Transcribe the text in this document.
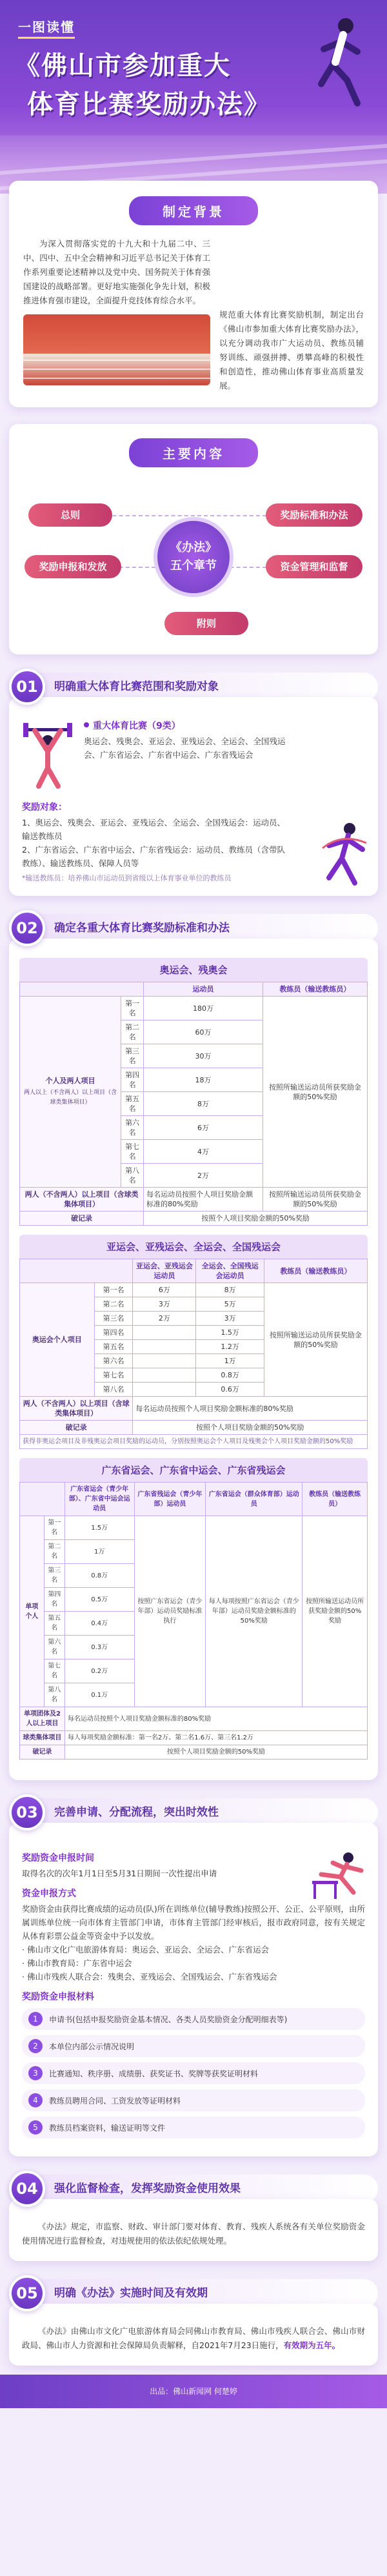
一图读懂
《佛山市参加重大
体育比赛奖励办法》
制定背景

为深入贯彻落实党的十九大和十九届二中、三中、四中、五中全会精神和习近平总书记关于体育工作系列重要论述精神以及党中央、国务院关于体育强国建设的战略部署。更好地实施强化争先计划，积极推进体育强市建设，全面提升竞技体育综合水平。

规范重大体育比赛奖励机制，制定出台《佛山市参加重大体育比赛奖励办法》，以充分调动我市广大运动员、教练员辅努训练、顽强拼搏、勇攀高峰的积极性和创造性，推动佛山体育事业高质量发展。

主要内容
《办法》
五个章节
总则	奖励标准和办法
奖励申报和发放	资金管理和监督
附则
01	明确重大体育比赛范围和奖励对象
重大体育比赛（9类）

奥运会、残奥会、亚运会、亚残运会、全运会、全国残运会、广东省运会、广东省中运会、广东省残运会

奖励对象：

1、奥运会、残奥会、亚运会、亚残运会、全运会、全国残运会：运动员、输送教练员

2、广东省运会、广东省中运会、广东省残运会：运动员、教练员（含带队教练）、输送教练员、保障人员等

*输送教练员：培养佛山市运动员到省级以上体育事业单位的教练员

02	确定各重大体育比赛奖励标准和办法
奥运会、残奥会
		运动员	教练员（输送教练员）

个人及两人项目
两人以上（不含两人）以上项目（含球类集体项目）	第一名	180万	按照所输送运动员所获奖励金额的50%奖励
	第二名	60万	
	第三名	30万	
	第四名	18万	
	第五名	8万	
	第六名	6万	
	第七名	4万	
	第八名	2万	
两人（不含两人）以上项目（含球类集体项目）		每名运动员按照个人项目奖励金额标准的80%奖励	按照所输送运动员所获奖励金额的50%奖励
破记录		按照个人项目奖励金额的50%奖励	
亚运会、亚残运会、全运会、全国残运会
		亚运会、亚残运会运动员	全运会、全国残运会运动员	教练员（输送教练员）
奥运会个人项目	第一名	6万	8万	按照所输送运动员所获奖励金额的50%奖励
	第二名	3万	5万	
	第三名	2万	3万	
	第四名		1.5万	
	第五名		1.2万	
	第六名		1万	
	第七名		0.8万	
	第八名		0.6万	
两人（不含两人）以上项目（含球类集体项目）		每名运动员按照个人项目奖励金额标准的80%奖励		
破记录		按照个人项目奖励金额的50%奖励		
获得非奥运会项目及非残奥运会项目奖励的运动员，分别按照奥运会个人项目及残奥会个人项目奖励金额的50%奖励				
广东省运会、广东省中运会、广东省残运会
		广东省运会（青少年部）、广东省中运会运动员	广东省残运会（青少年部）运动员	广东省运会（群众体育部）运动员	教练员（输送教练员）
单项个人	第一名	1.5万	按照广东省运会（青少年部）运动员奖励标准执行	每人每项按照广东省运会（青少年部）运动员奖励金额标准的50%奖励	按照所输送运动员所获奖励金额的50%奖励
	第二名	1万			
	第三名	0.8万			
	第四名	0.5万			
	第五名	0.4万			
	第六名	0.3万			
	第七名	0.2万			
	第八名	0.1万			
单项团体及2人以上项目		每名运动员按照个人项目奖励金额标准的80%奖励			
球类集体项目		每人每项奖励金额标准：第一名2万、第二名1.6万、第三名1.2万			
破记录		按照个人项目奖励金额的50%奖励			
03	完善申请、分配流程，突出时效性
奖励资金申报时间

取得名次的次年1月1日至5月31日期间一次性提出申请

资金申报方式

奖励资金由获得比赛成绩的运动员(队)所在训练单位(辅导教练)按照公开、公正、公平原则，由所属训练单位统一向市体育主管部门申请，市体育主管部门经审核后，报市政府同意，按有关规定从体育彩票公益金等资金中予以发放。

· 佛山市文化广电旅游体育局：奥运会、亚运会、全运会、广东省运会

· 佛山市教育局：广东省中运会

· 佛山市残疾人联合会：残奥会、亚残运会、全国残运会、广东省残运会

奖励资金申报材料
1	申请书(包括申报奖励资金基本情况、各类人员奖励资金分配明细表等)
2	本单位内部公示情况说明
3	比赛通知、秩序册、成绩册、获奖证书、奖牌等获奖证明材料
4	教练员聘用合同、工资发放等证明材料
5	教练员档案资料，输送证明等文件
04	强化监督检查，发挥奖励资金使用效果
《办法》规定，市监察、财政、审计部门要对体育、教育、残疾人系统各有关单位奖励资金使用情况进行监督检查，对违规使用的依法依纪依规处理。
05	明确《办法》实施时间及有效期
《办法》由佛山市文化广电旅游体育局会同佛山市教育局、佛山市残疾人联合会、佛山市财政局、佛山市人力资源和社会保障局负责解释，自2021年7月23日施行，有效期为五年。
出品：佛山新闻网 何楚婷
